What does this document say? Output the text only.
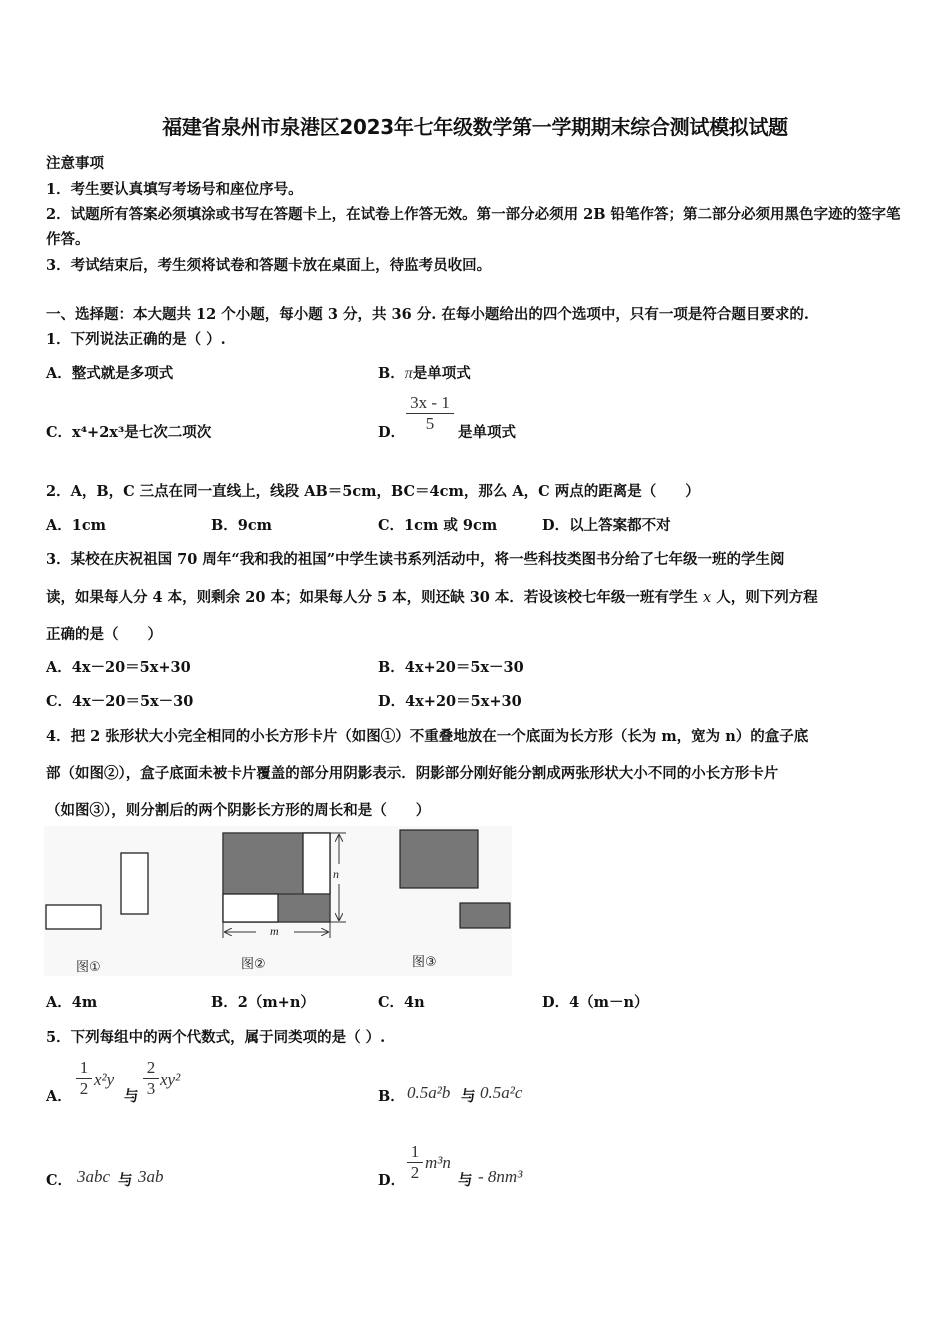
福建省泉州市泉港区2023年七年级数学第一学期期末综合测试模拟试题
注意事项
1．考生要认真填写考场号和座位序号。
2．试题所有答案必须填涂或书写在答题卡上，在试卷上作答无效。第一部分必须用 2B 铅笔作答；第二部分必须用黑色字迹的签字笔作答。
3．考试结束后，考生须将试卷和答题卡放在桌面上，待监考员收回。
一、选择题：本大题共 12 个小题，每小题 3 分，共 36 分. 在每小题给出的四个选项中，只有一项是符合题目要求的.
1．下列说法正确的是（ ）.
A．整式就是多项式	B．π是单项式
C．x⁴+2x³是七次二项次	D．
3x - 1
5	是单项式
2．A，B，C 三点在同一直线上，线段 AB＝5cm，BC＝4cm，那么 A，C 两点的距离是（　　）
A．1cm	B．9cm	C．1cm 或 9cm	D．以上答案都不对
3．某校在庆祝祖国 70 周年“我和我的祖国”中学生读书系列活动中，将一些科技类图书分给了七年级一班的学生阅
读，如果每人分 4 本，则剩余 20 本；如果每人分 5 本，则还缺 30 本．若设该校七年级一班有学生 x 人，则下列方程
正确的是（　　）
A．4x－20＝5x+30	B．4x+20＝5x－30
C．4x－20＝5x－30	D．4x+20＝5x+30
4．把 2 张形状大小完全相同的小长方形卡片（如图①）不重叠地放在一个底面为长方形（长为 m，宽为 n）的盒子底
部（如图②），盒子底面未被卡片覆盖的部分用阴影表示．阴影部分刚好能分割成两张形状大小不同的小长方形卡片
（如图③），则分割后的两个阴影长方形的周长和是（　　）
图①
m
n
图②	图③
A．4m	B．2（m+n）	C．4n	D．4（m－n）
5．下列每组中的两个代数式，属于同类项的是（ ）.
A．
1
2 x²y
与
2
3 xy²
B． 0.5a²b 与 0.5a²c
C． 3abc 与 3ab	D．
1
2
m³n
与 - 8nm³
